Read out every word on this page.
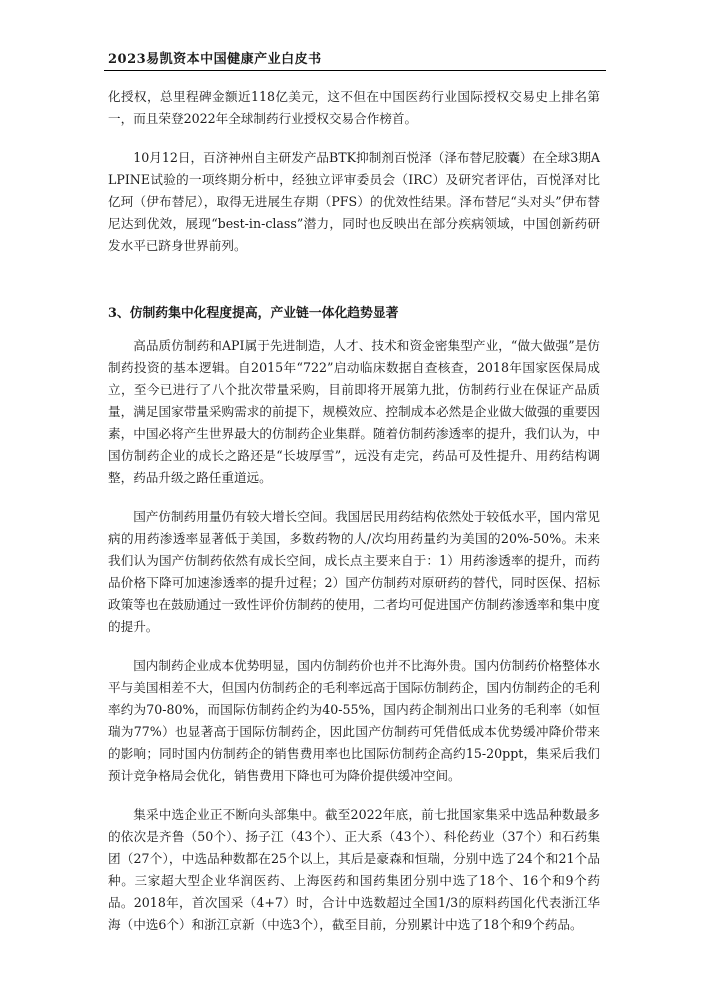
2023易凯资本中国健康产业白皮书

化授权，总里程碑金额近118亿美元，这不但在中国医药行业国际授权交易史上排名第一，而且荣登2022年全球制药行业授权交易合作榜首。

10月12日，百济神州自主研发产品BTK抑制剂百悦泽（泽布替尼胶囊）在全球3期ALPINE试验的一项终期分析中，经独立评审委员会（IRC）及研究者评估，百悦泽对比亿珂（伊布替尼），取得无进展生存期（PFS）的优效性结果。泽布替尼“头对头”伊布替尼达到优效，展现“best-in-class”潜力，同时也反映出在部分疾病领域，中国创新药研发水平已跻身世界前列。

3、仿制药集中化程度提高，产业链一体化趋势显著

高品质仿制药和API属于先进制造，人才、技术和资金密集型产业，“做大做强”是仿制药投资的基本逻辑。自2015年“722”启动临床数据自查核查，2018年国家医保局成立，至今已进行了八个批次带量采购，目前即将开展第九批，仿制药行业在保证产品质量，满足国家带量采购需求的前提下，规模效应、控制成本必然是企业做大做强的重要因素，中国必将产生世界最大的仿制药企业集群。随着仿制药渗透率的提升，我们认为，中国仿制药企业的成长之路还是“长坡厚雪”，远没有走完，药品可及性提升、用药结构调整，药品升级之路任重道远。

国产仿制药用量仍有较大增长空间。我国居民用药结构依然处于较低水平，国内常见病的用药渗透率显著低于美国，多数药物的人/次均用药量约为美国的20%-50%。未来我们认为国产仿制药依然有成长空间，成长点主要来自于：1）用药渗透率的提升，而药品价格下降可加速渗透率的提升过程；2）国产仿制药对原研药的替代，同时医保、招标政策等也在鼓励通过一致性评价仿制药的使用，二者均可促进国产仿制药渗透率和集中度的提升。

国内制药企业成本优势明显，国内仿制药价也并不比海外贵。国内仿制药价格整体水平与美国相差不大，但国内仿制药企的毛利率远高于国际仿制药企，国内仿制药企的毛利率约为70-80%，而国际仿制药企约为40-55%，国内药企制剂出口业务的毛利率（如恒瑞为77%）也显著高于国际仿制药企，因此国产仿制药可凭借低成本优势缓冲降价带来的影响；同时国内仿制药企的销售费用率也比国际仿制药企高约15-20ppt，集采后我们预计竞争格局会优化，销售费用下降也可为降价提供缓冲空间。

集采中选企业正不断向头部集中。截至2022年底，前七批国家集采中选品种数最多的依次是齐鲁（50个）、扬子江（43个）、正大系（43个）、科伦药业（37个）和石药集团（27个），中选品种数都在25个以上，其后是豪森和恒瑞，分别中选了24个和21个品种。三家超大型企业华润医药、上海医药和国药集团分别中选了18个、16个和9个药品。2018年，首次国采（4+7）时，合计中选数超过全国1/3的原料药国化代表浙江华海（中选6个）和浙江京新（中选3个），截至目前，分别累计中选了18个和9个药品。
